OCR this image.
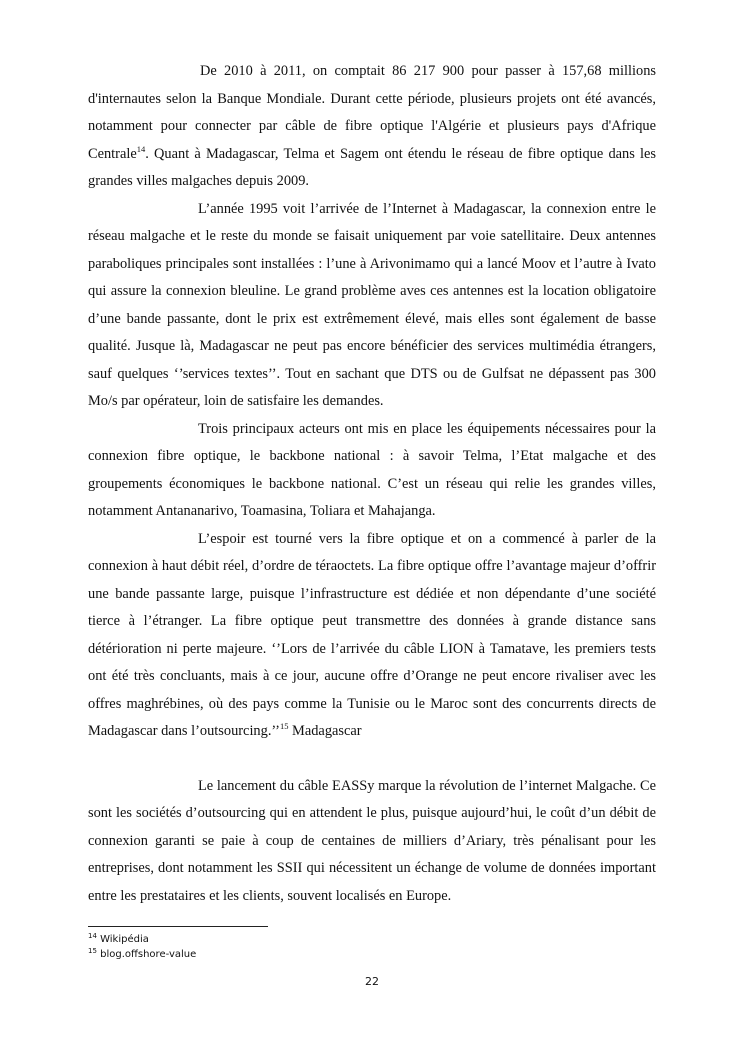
De 2010 à 2011, on comptait 86 217 900 pour passer à 157,68 millions d'internautes selon la Banque Mondiale. Durant cette période, plusieurs projets ont été avancés, notamment pour connecter par câble de fibre optique l'Algérie et plusieurs pays d'Afrique Centrale$^{14}$. Quant à Madagascar, Telma et Sagem ont étendu le réseau de fibre optique dans les grandes villes malgaches depuis 2009.

L’année 1995 voit l’arrivée de l’Internet à Madagascar, la connexion entre le réseau malgache et le reste du monde se faisait uniquement par voie satellitaire. Deux antennes paraboliques principales sont installées : l’une à Arivonimamo qui a lancé Moov et l’autre à Ivato qui assure la connexion bleuline. Le grand problème aves ces antennes est la location obligatoire d’une bande passante, dont le prix est extrêmement élevé, mais elles sont également de basse qualité. Jusque là, Madagascar ne peut pas encore bénéficier des services multimédia étrangers, sauf quelques ‘’services textes’’. Tout en sachant que DTS ou de Gulfsat ne dépassent pas 300 Mo/s par opérateur, loin de satisfaire les demandes.

Trois principaux acteurs ont mis en place les équipements nécessaires pour la connexion fibre optique, le backbone national : à savoir Telma, l’Etat malgache et des groupements économiques le backbone national. C’est un réseau qui relie les grandes villes, notamment Antananarivo, Toamasina, Toliara et Mahajanga.

L’espoir est tourné vers la fibre optique et on a commencé à parler de la connexion à haut débit réel, d’ordre de téraoctets. La fibre optique offre l’avantage majeur d’offrir une bande passante large, puisque l’infrastructure est dédiée et non dépendante d’une société tierce à l’étranger. La fibre optique peut transmettre des données à grande distance sans détérioration ni perte majeure. ‘’Lors de l’arrivée du câble LION à Tamatave, les premiers tests ont été très concluants, mais à ce jour, aucune offre d’Orange ne peut encore rivaliser avec les offres maghrébines, où des pays comme la Tunisie ou le Maroc sont des concurrents directs de Madagascar dans l’outsourcing.’’$^{15}$ Madagascar

Le lancement du câble EASSy marque la révolution de l’internet Malgache. Ce sont les sociétés d’outsourcing qui en attendent le plus, puisque aujourd’hui, le coût d’un débit de connexion garanti se paie à coup de centaines de milliers d’Ariary, très pénalisant pour les entreprises, dont notamment les SSII qui nécessitent un échange de volume de données important entre les prestataires et les clients, souvent localisés en Europe.

$^{14}$ Wikipédia
$^{15}$ blog.offshore-value
22
